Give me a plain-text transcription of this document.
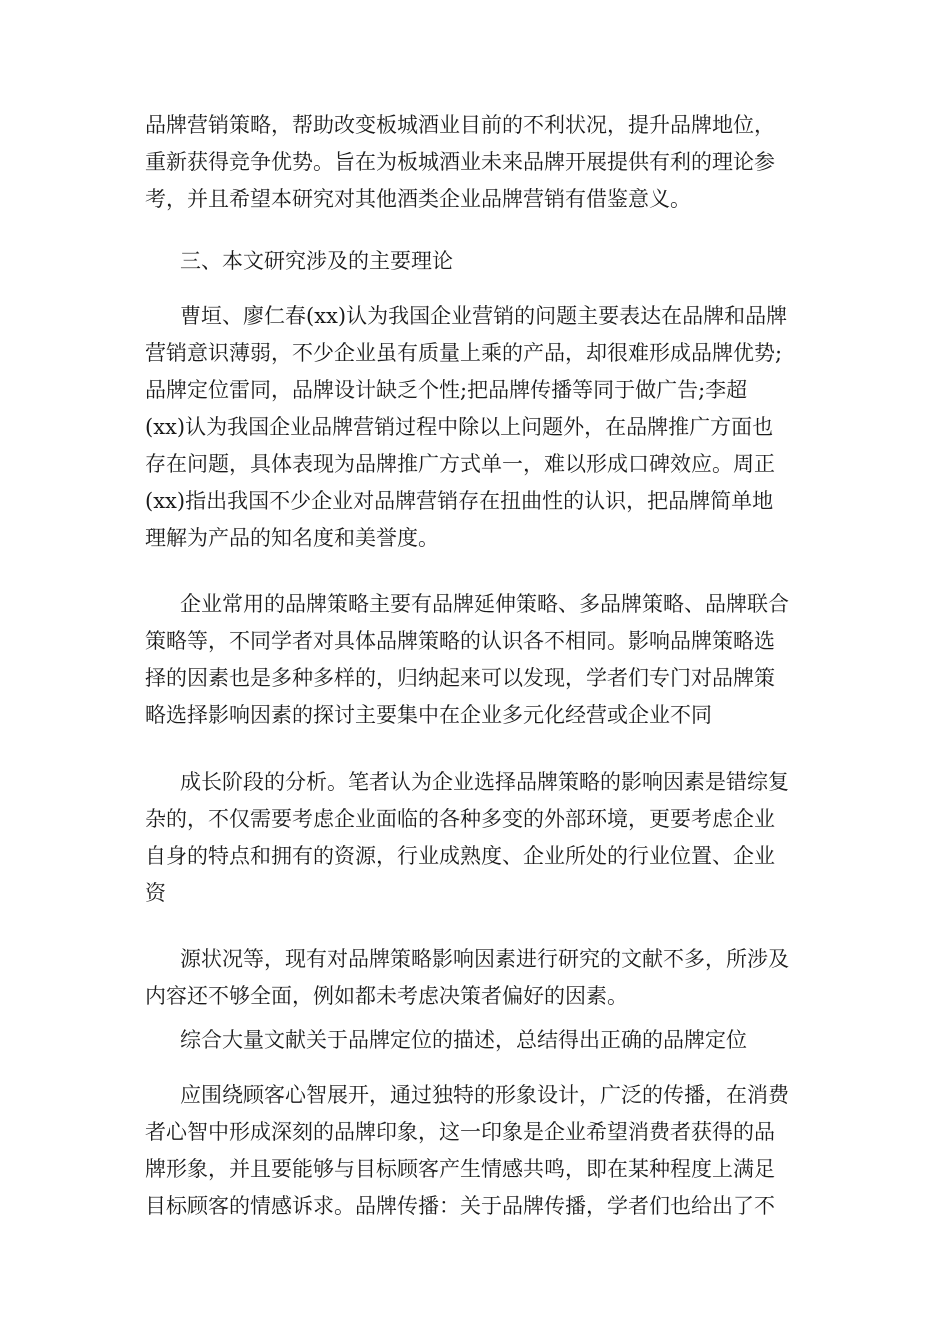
品牌营销策略，帮助改变板城酒业目前的不利状况，提升品牌地位，
重新获得竞争优势。旨在为板城酒业未来品牌开展提供有利的理论参
考，并且希望本研究对其他酒类企业品牌营销有借鉴意义。
三、本文研究涉及的主要理论
曹垣、廖仁春(xx)认为我国企业营销的问题主要表达在品牌和品牌
营销意识薄弱，不少企业虽有质量上乘的产品，却很难形成品牌优势;
品牌定位雷同，品牌设计缺乏个性;把品牌传播等同于做广告;李超
(xx)认为我国企业品牌营销过程中除以上问题外，在品牌推广方面也
存在问题，具体表现为品牌推广方式单一，难以形成口碑效应。周正
(xx)指出我国不少企业对品牌营销存在扭曲性的认识，把品牌简单地
理解为产品的知名度和美誉度。
企业常用的品牌策略主要有品牌延伸策略、多品牌策略、品牌联合
策略等，不同学者对具体品牌策略的认识各不相同。影响品牌策略选
择的因素也是多种多样的，归纳起来可以发现，学者们专门对品牌策
略选择影响因素的探讨主要集中在企业多元化经营或企业不同
成长阶段的分析。笔者认为企业选择品牌策略的影响因素是错综复
杂的，不仅需要考虑企业面临的各种多变的外部环境，更要考虑企业
自身的特点和拥有的资源，行业成熟度、企业所处的行业位置、企业
资
源状况等，现有对品牌策略影响因素进行研究的文献不多，所涉及
内容还不够全面，例如都未考虑决策者偏好的因素。
综合大量文献关于品牌定位的描述，总结得出正确的品牌定位
应围绕顾客心智展开，通过独特的形象设计，广泛的传播，在消费
者心智中形成深刻的品牌印象，这一印象是企业希望消费者获得的品
牌形象，并且要能够与目标顾客产生情感共鸣，即在某种程度上满足
目标顾客的情感诉求。品牌传播：关于品牌传播，学者们也给出了不
